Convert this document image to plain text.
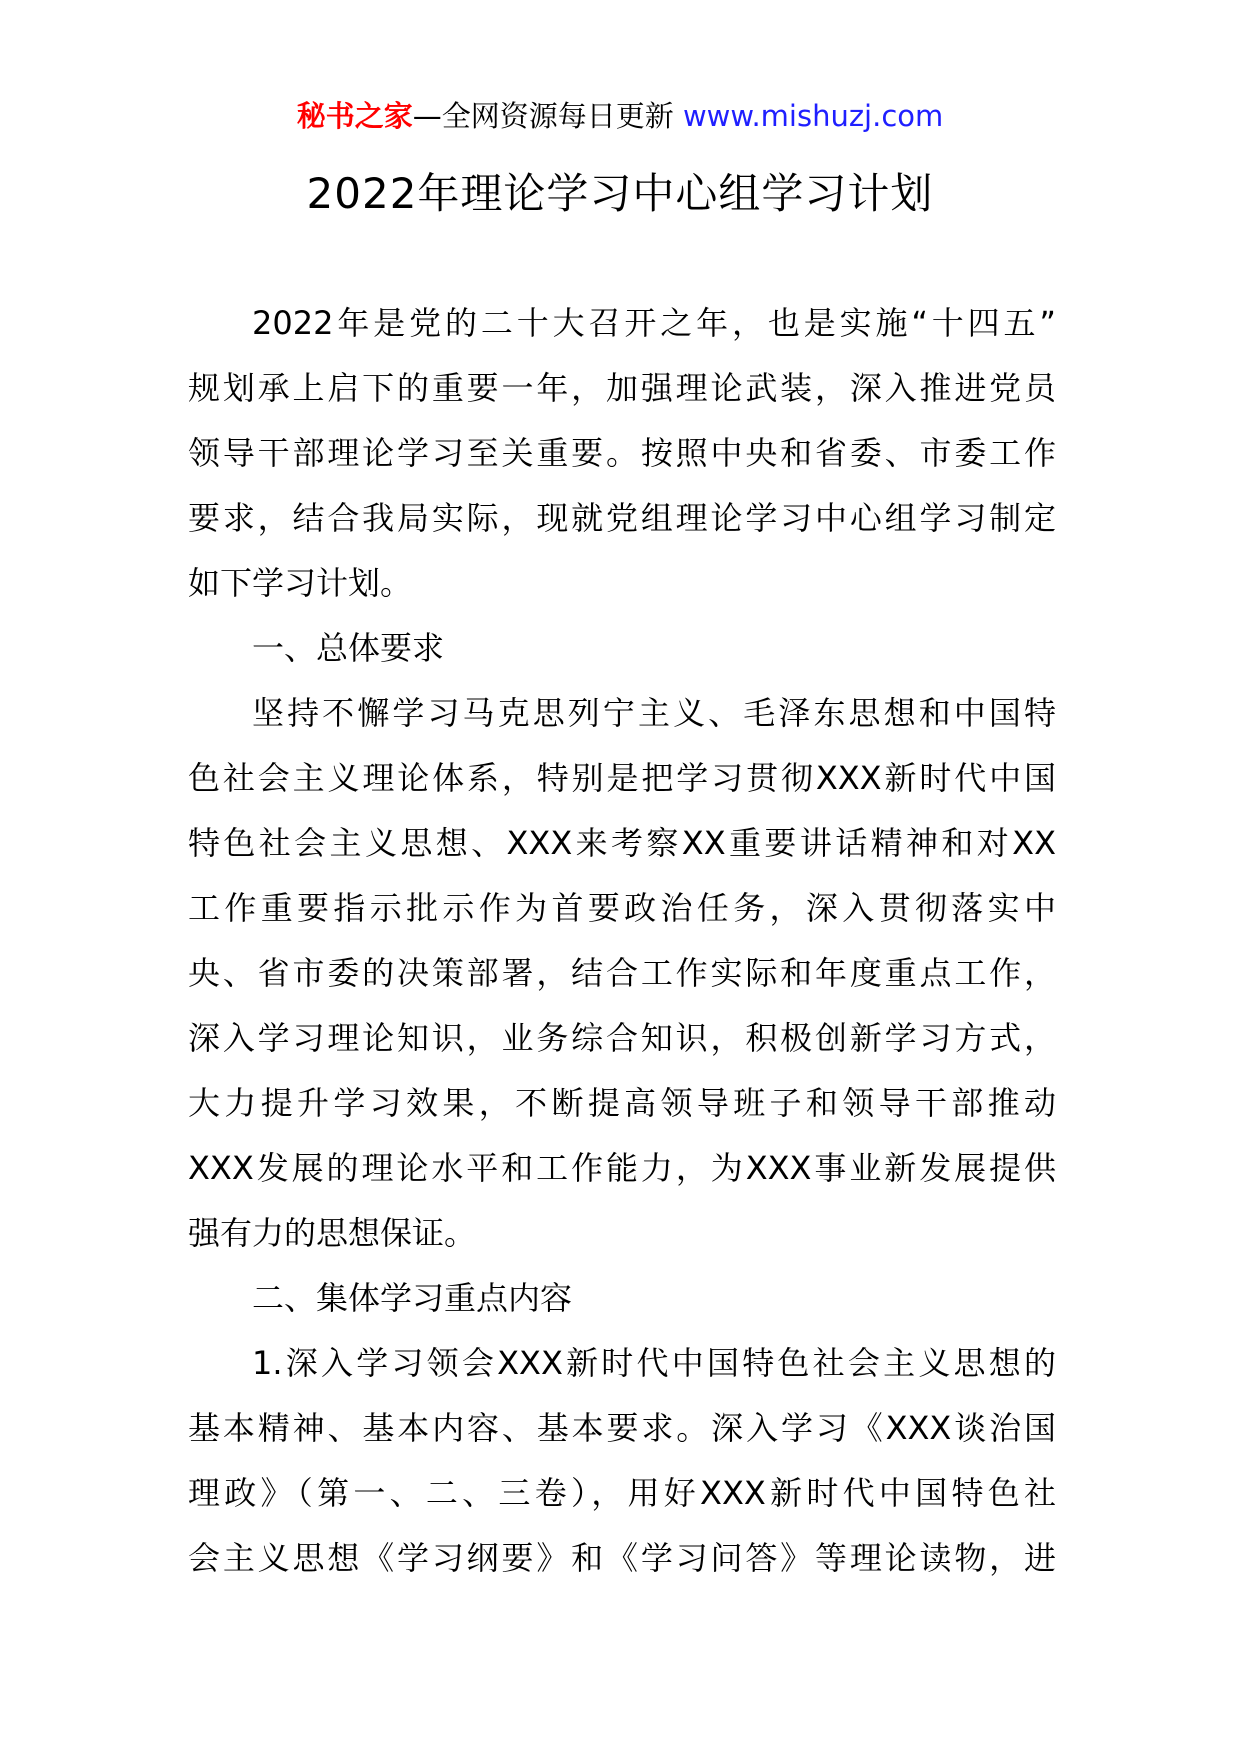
秘书之家—全网资源每日更新 www.mishuzj.com
2022年理论学习中心组学习计划
2022年是党的二十大召开之年，也是实施“十四五”
规划承上启下的重要一年，加强理论武装，深入推进党员
领导干部理论学习至关重要。按照中央和省委、市委工作
要求，结合我局实际，现就党组理论学习中心组学习制定
如下学习计划。
一、总体要求
坚持不懈学习马克思列宁主义、毛泽东思想和中国特
色社会主义理论体系，特别是把学习贯彻XXX新时代中国
特色社会主义思想、XXX来考察XX重要讲话精神和对XX
工作重要指示批示作为首要政治任务，深入贯彻落实中
央、省市委的决策部署，结合工作实际和年度重点工作，
深入学习理论知识，业务综合知识，积极创新学习方式，
大力提升学习效果，不断提高领导班子和领导干部推动
XXX发展的理论水平和工作能力，为XXX事业新发展提供
强有力的思想保证。
二、集体学习重点内容
1.深入学习领会XXX新时代中国特色社会主义思想的
基本精神、基本内容、基本要求。深入学习《XXX谈治国
理政》（第一、二、三卷），用好XXX新时代中国特色社
会主义思想《学习纲要》和《学习问答》等理论读物，进
